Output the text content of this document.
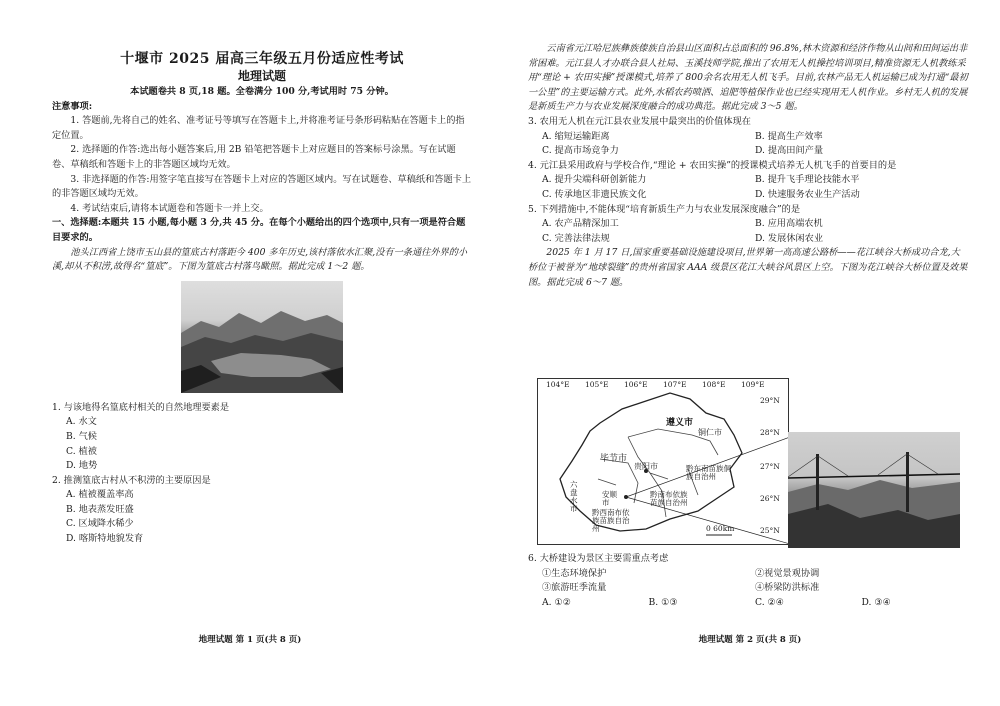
十堰市 2025 届高三年级五月份适应性考试
地理试题
本试题卷共 8 页,18 题。全卷满分 100 分,考试用时 75 分钟。
注意事项:

1. 答题前,先将自己的姓名、准考证号等填写在答题卡上,并将准考证号条形码粘贴在答题卡上的指定位置。

2. 选择题的作答:选出每小题答案后,用 2B 铅笔把答题卡上对应题目的答案标号涂黑。写在试题卷、草稿纸和答题卡上的非答题区域均无效。

3. 非选择题的作答:用签字笔直接写在答题卡上对应的答题区域内。写在试题卷、草稿纸和答题卡上的非答题区域均无效。

4. 考试结束后,请将本试题卷和答题卡一并上交。

一、选择题:本题共 15 小题,每小题 3 分,共 45 分。在每个小题给出的四个选项中,只有一项是符合题目要求的。

池头江西省上饶市玉山县的篁底古村落距今 400 多年历史,该村落依水汇聚,没有一条通往外界的小溪,却从不积涝,故得名“篁底”。下图为篁底古村落鸟瞰照。据此完成 1～2 题。

1. 与该地得名篁底村相关的自然地理要素是

A. 水文

B. 气候

C. 植被

D. 地势

2. 推测篁底古村从不积涝的主要原因是

A. 植被覆盖率高

B. 地表蒸发旺盛

C. 区域降水稀少

D. 喀斯特地貌发育

地理试题 第 1 页(共 8 页)

云南省元江哈尼族彝族傣族自治县山区面积占总面积的 96.8%,林木资源和经济作物从山间和田间运出非常困难。元江县人才办联合县人社局、玉溪技师学院,推出了农用无人机操控培训项目,精准资源无人机教练采用“理论 + 农田实操”授课模式,培养了 800余名农用无人机飞手。目前,农林产品无人机运输已成为打通“最初一公里”的主要运输方式。此外,水稻农药喷洒、追肥等植保作业也已经实现用无人机作业。乡村无人机的发展是新质生产力与农业发展深度融合的成功典范。据此完成 3～5 题。

3. 农用无人机在元江县农业发展中最突出的价值体现在

A. 缩短运输距离	B. 提高生产效率
C. 提高市场竞争力	D. 提高田间产量

4. 元江县采用政府与学校合作,“理论 + 农田实操”的授课模式培养无人机飞手的首要目的是

A. 提升尖端科研创新能力	B. 提升飞手理论技能水平
C. 传承地区非遗民族文化	D. 快速服务农业生产活动

5. 下列措施中,不能体现“培育新质生产力与农业发展深度融合”的是

A. 农产品精深加工	B. 应用高端农机
C. 完善法律法规	D. 发展休闲农业

2025 年 1 月 17 日,国家重要基础设施建设项目,世界第一高高速公路桥——花江峡谷大桥成功合龙,大桥位于被誉为“地球裂缝”的贵州省国家 AAA 级景区花江大峡谷风景区上空。下图为花江峡谷大桥位置及效果图。据此完成 6～7 题。

104°E 105°E 106°E 107°E 108°E 109°E
29°N
28°N
27°N
26°N
25°N
遵义市
铜仁市
毕节市
贵阳市	黔东南苗族侗族自治州
六盘水市
安顺市
黔南布依族苗族自治州
黔西南布依族苗族自治州	0 60km

6. 大桥建设为景区主要需重点考虑

①生态环境保护	②视觉景观协调
③旅游旺季流量	④桥梁防洪标准
A. ①②	B. ①③	C. ②④	D. ③④
地理试题 第 2 页(共 8 页)
